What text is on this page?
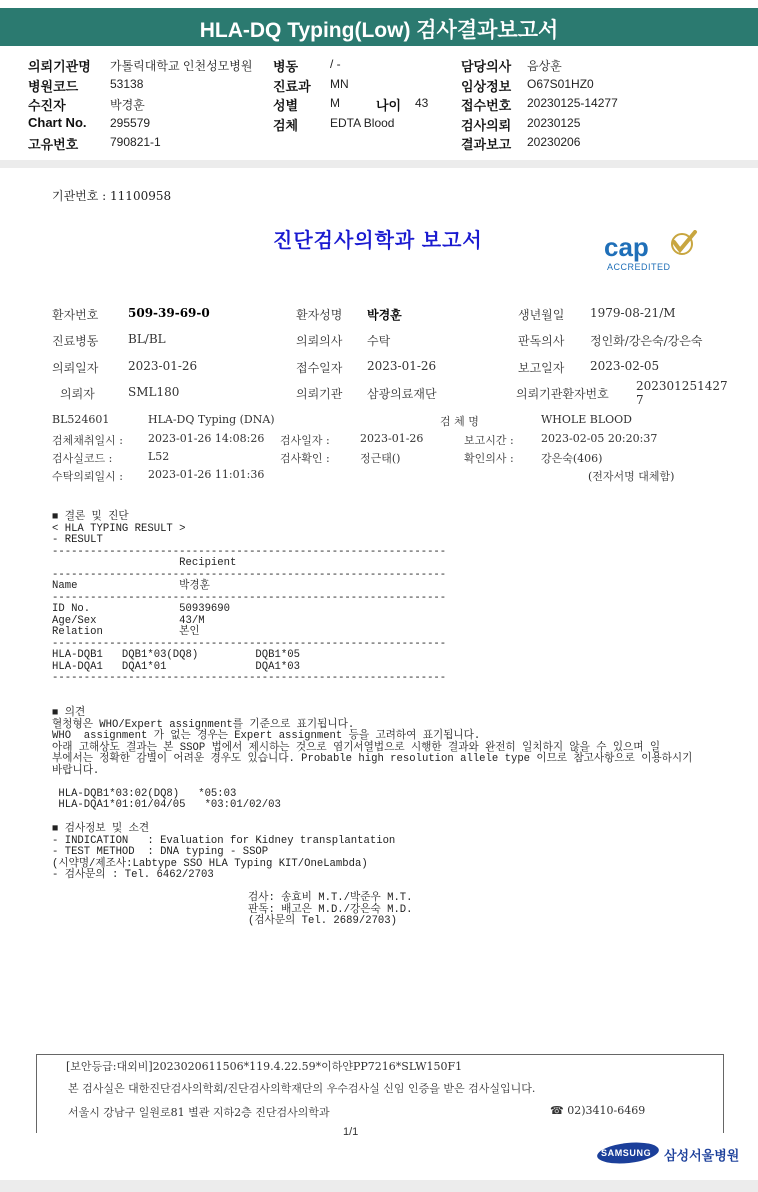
HLA-DQ Typing(Low) 검사결과보고서
의뢰기관명 가톨릭대학교 인천성모병원 병동	/ -	담당의사 음상훈
병원코드	53138	진료과 MN	임상정보 O67S01HZ0
수진자	박경훈	성별	M	나이 43	접수번호 20230125-14277
Chart No. 295579	검체	EDTA Blood	검사의뢰 20230125
고유번호	790821-1	결과보고 20230206
기관번호 : 11100958
진단검사의학과 보고서	cap
ACCREDITED
환자번호 509-39-69-0	환자성명 박경훈	생년월일 1979-08-21/M
진료병동 BL/BL	의뢰의사 수탁	판독의사 정인화/강은숙/강은숙
의뢰일자 2023-01-26	접수일자 2023-01-26	보고일자 2023-02-05
의뢰자	SML180	의뢰기관 삼광의료재단	의뢰기관환자번호
202301251427
7
BL524601	HLA-DQ Typing (DNA)	검 체 명	WHOLE BLOOD
검체채취일시 : 2023-01-26 14:08:26 검사일자 :	2023-01-26	보고시간 : 2023-02-05 20:20:37
검사실코드 :	L52	검사확인 :	정근태()	확인의사 : 강은숙(406)
수탁의뢰일시 : 2023-01-26 11:01:36	(전자서명 대체함)
■ 결론 및 진단
< HLA TYPING RESULT >
- RESULT
--------------------------------------------------------------
Recipient
--------------------------------------------------------------
Name                박경훈
--------------------------------------------------------------
ID No.              50939690
Age/Sex             43/M
Relation            본인
--------------------------------------------------------------
HLA-DQB1   DQB1*03(DQ8)         DQB1*05
HLA-DQA1   DQA1*01              DQA1*03
--------------------------------------------------------------
■ 의견
혈청형은 WHO/Expert assignment를 기준으로 표기됩니다.
WHO  assignment 가 없는 경우는 Expert assignment 등을 고려하여 표기됩니다.
아래 고해상도 결과는 본 SSOP 법에서 제시하는 것으로 염기서열법으로 시행한 결과와 완전히 일치하지 않을 수 있으며 일
부에서는 정확한 감별이 어려운 경우도 있습니다. Probable high resolution allele type 이므로 참고사항으로 이용하시기
바랍니다.

HLA-DQB1*03:02(DQ8)   *05:03
HLA-DQA1*01:01/04/05   *03:01/02/03
■ 검사정보 및 소견
- INDICATION   : Evaluation for Kidney transplantation
- TEST METHOD  : DNA typing - SSOP
(시약명/제조사:Labtype SSO HLA Typing KIT/OneLambda)
- 검사문의 : Tel. 6462/2703
검사: 송효비 M.T./박준우 M.T.
판독: 배고은 M.D./강은숙 M.D.
(검사문의 Tel. 2689/2703)
[보안등급:대외비]2023020611506*119.4.22.59*이하얀PP7216*SLW150F1
본 검사실은 대한진단검사의학회/진단검사의학재단의 우수검사실 신임 인증을 받은 검사실입니다.
서울시 강남구 일원로81 별관 지하2층 진단검사의학과	☎ 02)3410-6469
1/1
SAMSUNG 삼성서울병원
